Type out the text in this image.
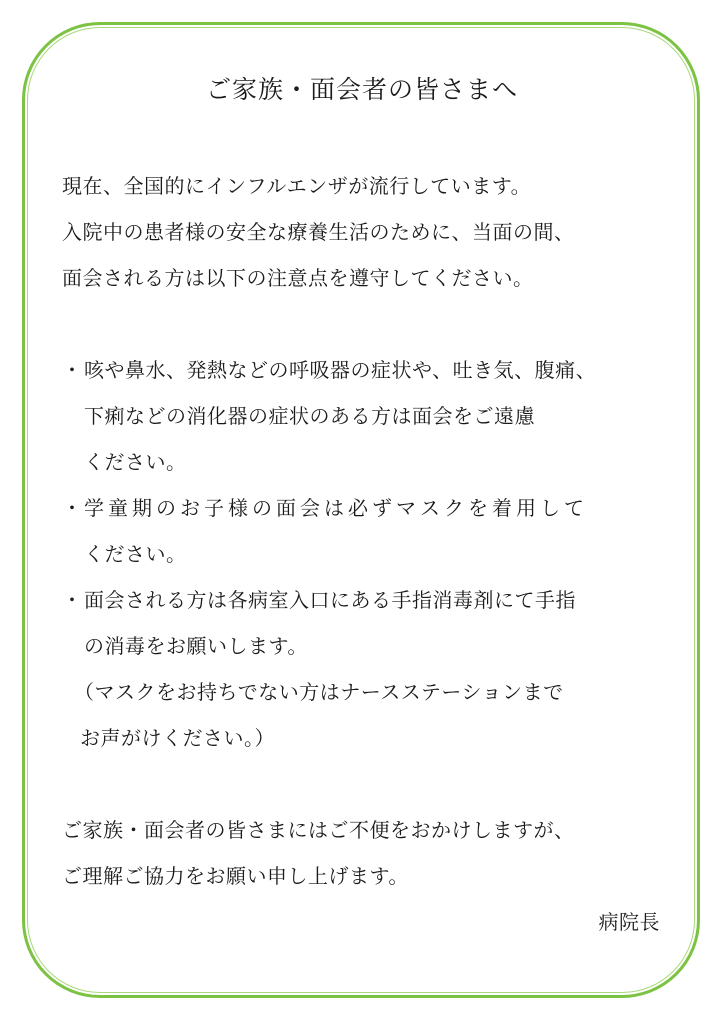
ご家族・面会者の皆さまへ
現在、全国的にインフルエンザが流行しています。
入院中の患者様の安全な療養生活のために、当面の間、
面会される方は以下の注意点を遵守してください。
・ 咳や鼻水、発熱などの呼吸器の症状や、吐き気、腹痛、
下痢などの消化器の症状のある方は面会をご遠慮
ください。
・ 学童期のお子様の面会は必ずマスクを着用して
ください。
・ 面会される方は各病室入口にある手指消毒剤にて手指
の消毒をお願いします。
（マスクをお持ちでない方はナースステーションまで
お声がけください。）
ご家族・面会者の皆さまにはご不便をおかけしますが、
ご理解ご協力をお願い申し上げます。
病院長
